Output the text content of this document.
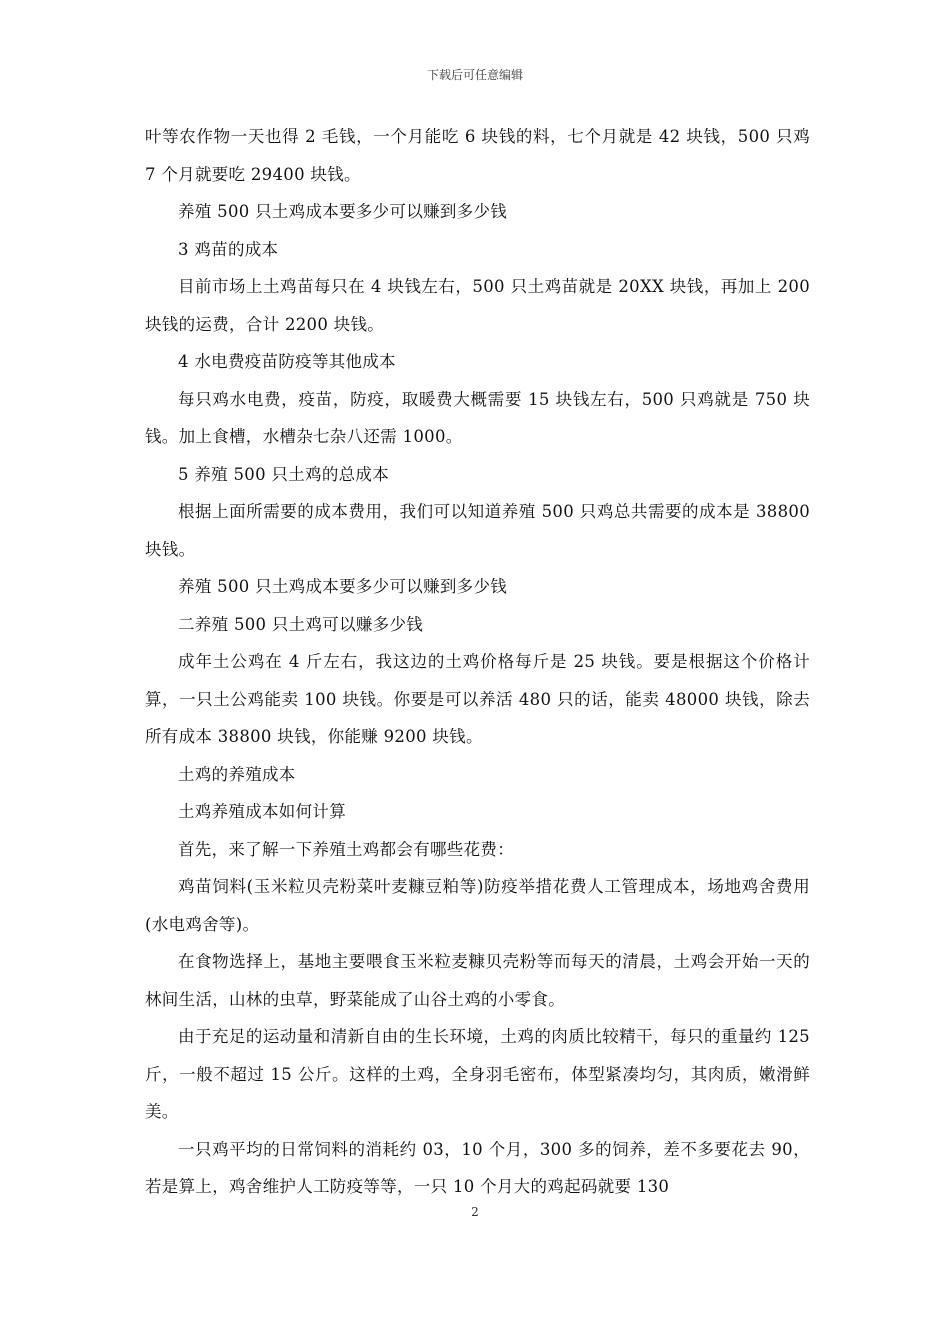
下载后可任意编辑

叶等农作物一天也得 2 毛钱，一个月能吃 6 块钱的料，七个月就是 42 块钱，500 只鸡 7 个月就要吃 29400 块钱。

养殖 500 只土鸡成本要多少可以赚到多少钱

3 鸡苗的成本

目前市场上土鸡苗每只在 4 块钱左右，500 只土鸡苗就是 20XX 块钱，再加上 200 块钱的运费，合计 2200 块钱。

4 水电费疫苗防疫等其他成本

每只鸡水电费，疫苗，防疫，取暖费大概需要 15 块钱左右，500 只鸡就是 750 块钱。加上食槽，水槽杂七杂八还需 1000。

5 养殖 500 只土鸡的总成本

根据上面所需要的成本费用，我们可以知道养殖 500 只鸡总共需要的成本是 38800 块钱。

养殖 500 只土鸡成本要多少可以赚到多少钱

二养殖 500 只土鸡可以赚多少钱

成年土公鸡在 4 斤左右，我这边的土鸡价格每斤是 25 块钱。要是根据这个价格计算，一只土公鸡能卖 100 块钱。你要是可以养活 480 只的话，能卖 48000 块钱，除去所有成本 38800 块钱，你能赚 9200 块钱。

土鸡的养殖成本

土鸡养殖成本如何计算

首先，来了解一下养殖土鸡都会有哪些花费：

鸡苗饲料(玉米粒贝壳粉菜叶麦糠豆粕等)防疫举措花费人工管理成本，场地鸡舍费用(水电鸡舍等)。

在食物选择上，基地主要喂食玉米粒麦糠贝壳粉等而每天的清晨，土鸡会开始一天的林间生活，山林的虫草，野菜能成了山谷土鸡的小零食。

由于充足的运动量和清新自由的生长环境，土鸡的肉质比较精干，每只的重量约 125 斤，一般不超过 15 公斤。这样的土鸡，全身羽毛密布，体型紧凑均匀，其肉质，嫩滑鲜美。

一只鸡平均的日常饲料的消耗约 03，10 个月，300 多的饲养，差不多要花去 90，若是算上，鸡舍维护人工防疫等等，一只 10 个月大的鸡起码就要 130

2
